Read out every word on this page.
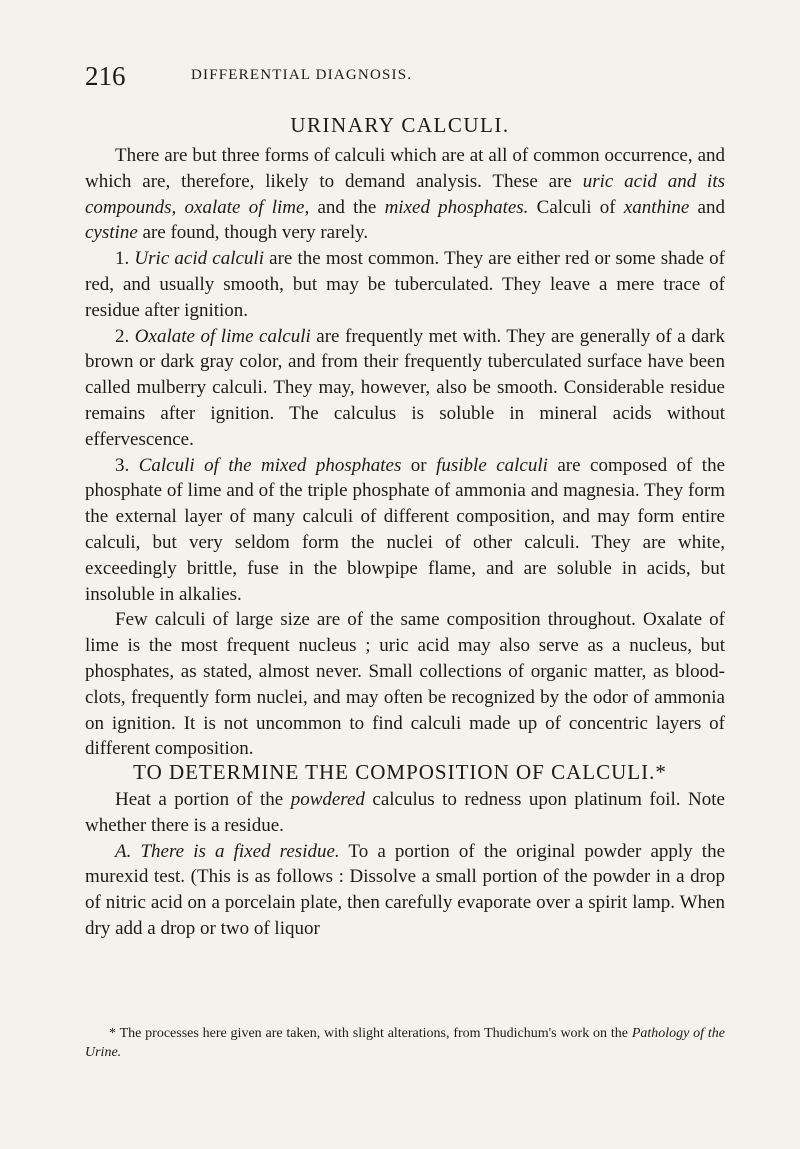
216	DIFFERENTIAL DIAGNOSIS.
URINARY CALCULI.

There are but three forms of calculi which are at all of common occurrence, and which are, therefore, likely to demand analysis. These are uric acid and its compounds, oxalate of lime, and the mixed phosphates. Calculi of xanthine and cystine are found, though very rarely.

1. Uric acid calculi are the most common. They are either red or some shade of red, and usually smooth, but may be tuberculated. They leave a mere trace of residue after ignition.

2. Oxalate of lime calculi are frequently met with. They are generally of a dark brown or dark gray color, and from their frequently tuberculated surface have been called mulberry calculi. They may, however, also be smooth. Considerable residue remains after ignition. The calculus is soluble in mineral acids without effervescence.

3. Calculi of the mixed phosphates or fusible calculi are composed of the phosphate of lime and of the triple phosphate of ammonia and magnesia. They form the external layer of many calculi of different composition, and may form entire calculi, but very seldom form the nuclei of other calculi. They are white, exceedingly brittle, fuse in the blowpipe flame, and are soluble in acids, but insoluble in alkalies.

Few calculi of large size are of the same composition throughout. Oxalate of lime is the most frequent nucleus ; uric acid may also serve as a nucleus, but phosphates, as stated, almost never. Small collections of organic matter, as blood-clots, frequently form nuclei, and may often be recognized by the odor of ammonia on ignition. It is not uncommon to find calculi made up of concentric layers of different composition.

TO DETERMINE THE COMPOSITION OF CALCULI.*

Heat a portion of the powdered calculus to redness upon platinum foil. Note whether there is a residue.

A. There is a fixed residue. To a portion of the original powder apply the murexid test. (This is as follows : Dissolve a small portion of the powder in a drop of nitric acid on a porcelain plate, then carefully evaporate over a spirit lamp. When dry add a drop or two of liquor

* The processes here given are taken, with slight alterations, from Thudichum's work on the Pathology of the Urine.
